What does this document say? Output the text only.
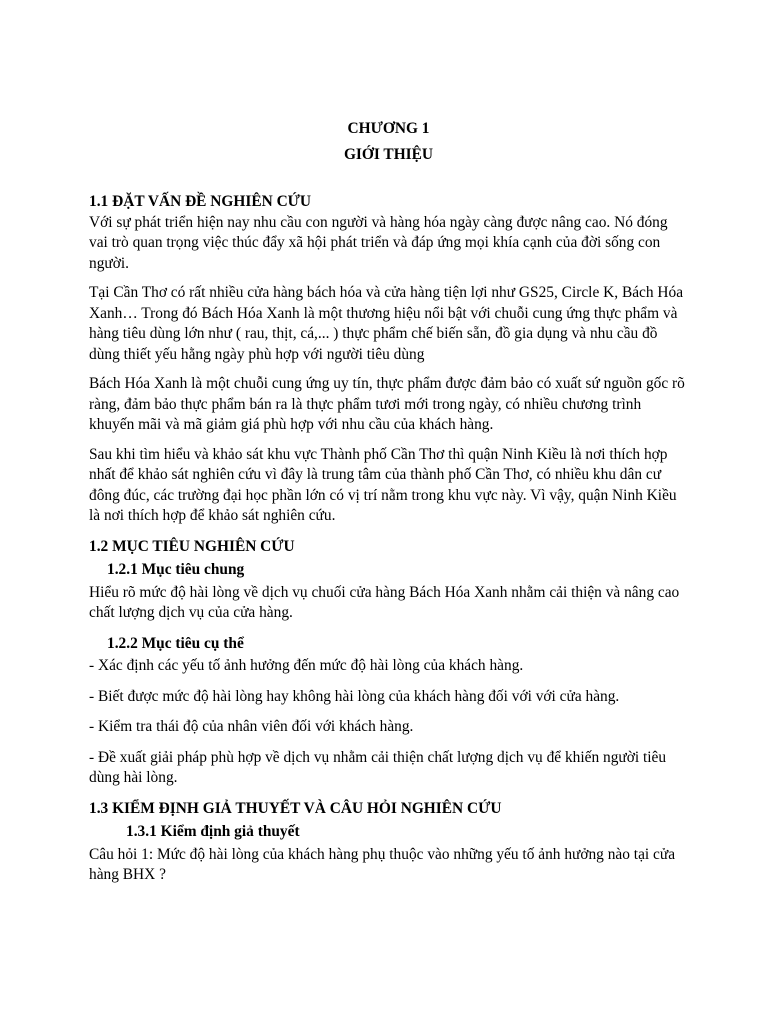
CHƯƠNG 1

GIỚI THIỆU

1.1 ĐẶT VẤN ĐỀ NGHIÊN CỨU

Với sự phát triển hiện nay nhu cầu con người và hàng hóa ngày càng được nâng cao. Nó đóng vai trò quan trọng việc thúc đẩy xã hội phát triển và đáp ứng mọi khía cạnh của đời sống con người.

Tại Cần Thơ có rất nhiều cửa hàng bách hóa và cửa hàng tiện lợi như GS25, Circle K, Bách Hóa Xanh… Trong đó Bách Hóa Xanh là một thương hiệu nổi bật với chuỗi cung ứng thực phẩm và hàng tiêu dùng lớn như ( rau, thịt, cá,... ) thực phẩm chế biến sẵn, đồ gia dụng và nhu cầu đồ dùng thiết yếu hằng ngày phù hợp với người tiêu dùng

Bách Hóa Xanh là một chuỗi cung ứng uy tín, thực phẩm được đảm bảo có xuất sứ nguồn gốc rõ ràng, đảm bảo thực phẩm bán ra là thực phẩm tươi mới trong ngày, có nhiều chương trình khuyến mãi và mã giảm giá phù hợp với nhu cầu của khách hàng.

Sau khi tìm hiểu và khảo sát khu vực Thành phố Cần Thơ thì quận Ninh Kiều là nơi thích hợp nhất để khảo sát nghiên cứu vì đây là trung tâm của thành phố Cần Thơ, có nhiều khu dân cư đông đúc, các trường đại học phần lớn có vị trí nằm trong khu vực này. Vì vậy, quận Ninh Kiều là nơi thích hợp để khảo sát nghiên cứu.

1.2 MỤC TIÊU NGHIÊN CỨU

1.2.1 Mục tiêu chung

Hiểu rõ mức độ hài lòng về dịch vụ chuối cửa hàng Bách Hóa Xanh nhằm cải thiện và nâng cao chất lượng dịch vụ của cửa hàng.

1.2.2 Mục tiêu cụ thể

- Xác định các yếu tố ảnh hưởng đến mức độ hài lòng của khách hàng.

- Biết được mức độ hài lòng hay không hài lòng của khách hàng đối với với cửa hàng.

- Kiểm tra thái độ của nhân viên đối với khách hàng.

- Đề xuất giải pháp phù hợp về dịch vụ nhằm cải thiện chất lượng dịch vụ để khiến người tiêu dùng hài lòng.

1.3 KIỂM ĐỊNH GIẢ THUYẾT VÀ CÂU HỎI NGHIÊN CỨU

1.3.1 Kiểm định giả thuyết

Câu hỏi 1: Mức độ hài lòng của khách hàng phụ thuộc vào những yếu tố ảnh hưởng nào tại cửa hàng BHX ?
